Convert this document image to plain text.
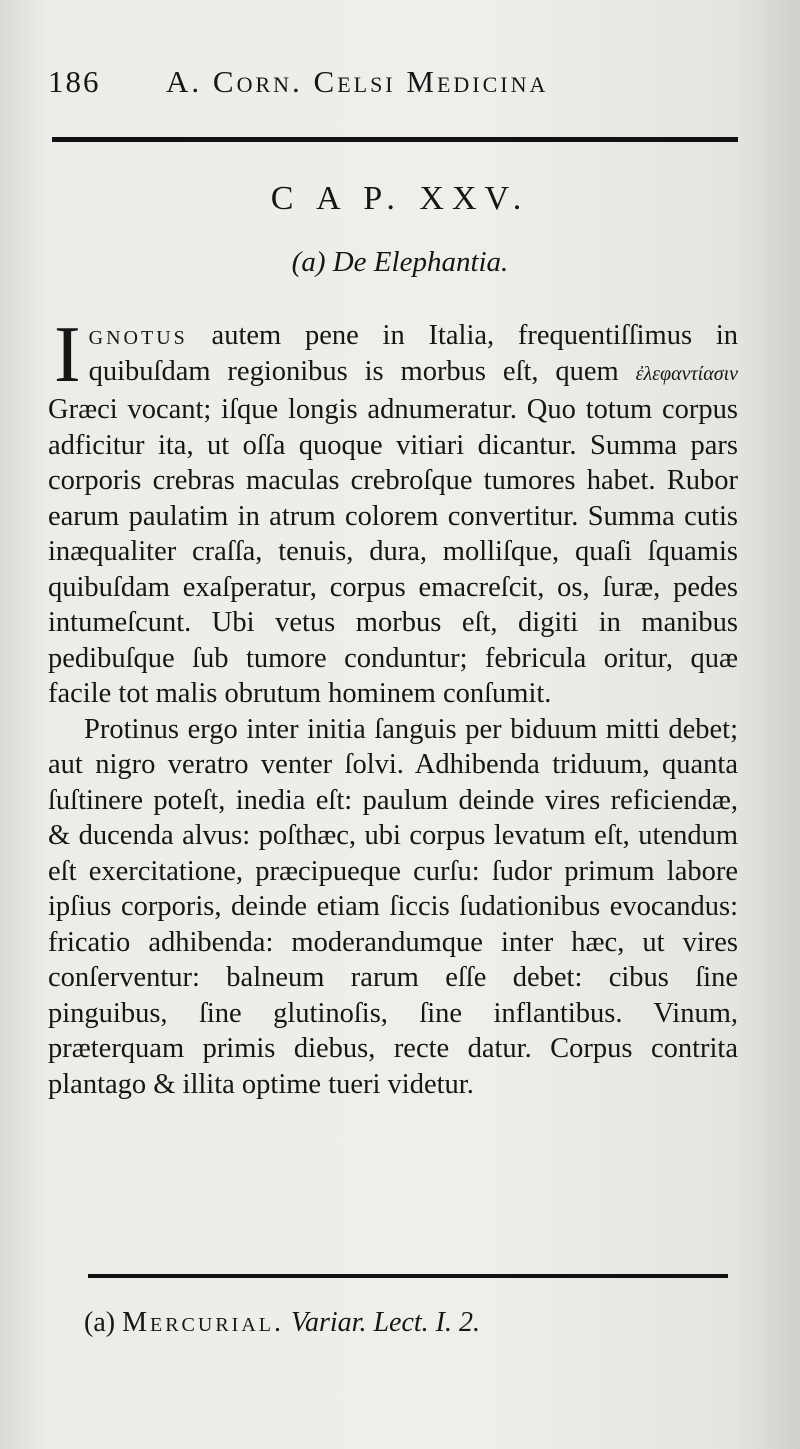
186 A. Corn. Celsi Medicina
C A P. XXV.
(a) De Elephantia.

Ignotus autem pene in Italia, frequentiſſimus in quibuſdam regionibus is morbus eſt, quem ἐλεφαντίασιν Græci vocant; iſque longis adnumeratur. Quo totum corpus adficitur ita, ut oſſa quoque vitiari dicantur. Summa pars corporis crebras maculas crebroſque tumores habet. Rubor earum paulatim in atrum colorem convertitur. Summa cutis inæqualiter craſſa, tenuis, dura, molliſque, quaſi ſquamis quibuſdam exaſperatur, corpus emacreſcit, os, ſuræ, pedes intumeſcunt. Ubi vetus morbus eſt, digiti in manibus pedibuſque ſub tumore conduntur; febricula oritur, quæ facile tot malis obrutum hominem conſumit.

Protinus ergo inter initia ſanguis per biduum mitti debet; aut nigro veratro venter ſolvi. Adhibenda triduum, quanta ſuſtinere poteſt, inedia eſt: paulum deinde vires reficiendæ, & ducenda alvus: poſthæc, ubi corpus levatum eſt, utendum eſt exercitatione, præcipueque curſu: ſudor primum labore ipſius corporis, deinde etiam ſiccis ſudationibus evocandus: fricatio adhibenda: moderandumque inter hæc, ut vires conſerventur: balneum rarum eſſe debet: cibus ſine pinguibus, ſine glutinoſis, ſine inflantibus. Vinum, præterquam primis diebus, recte datur. Corpus contrita plantago & illita optime tueri videtur.

(a) Mercurial. Variar. Lect. I. 2.
